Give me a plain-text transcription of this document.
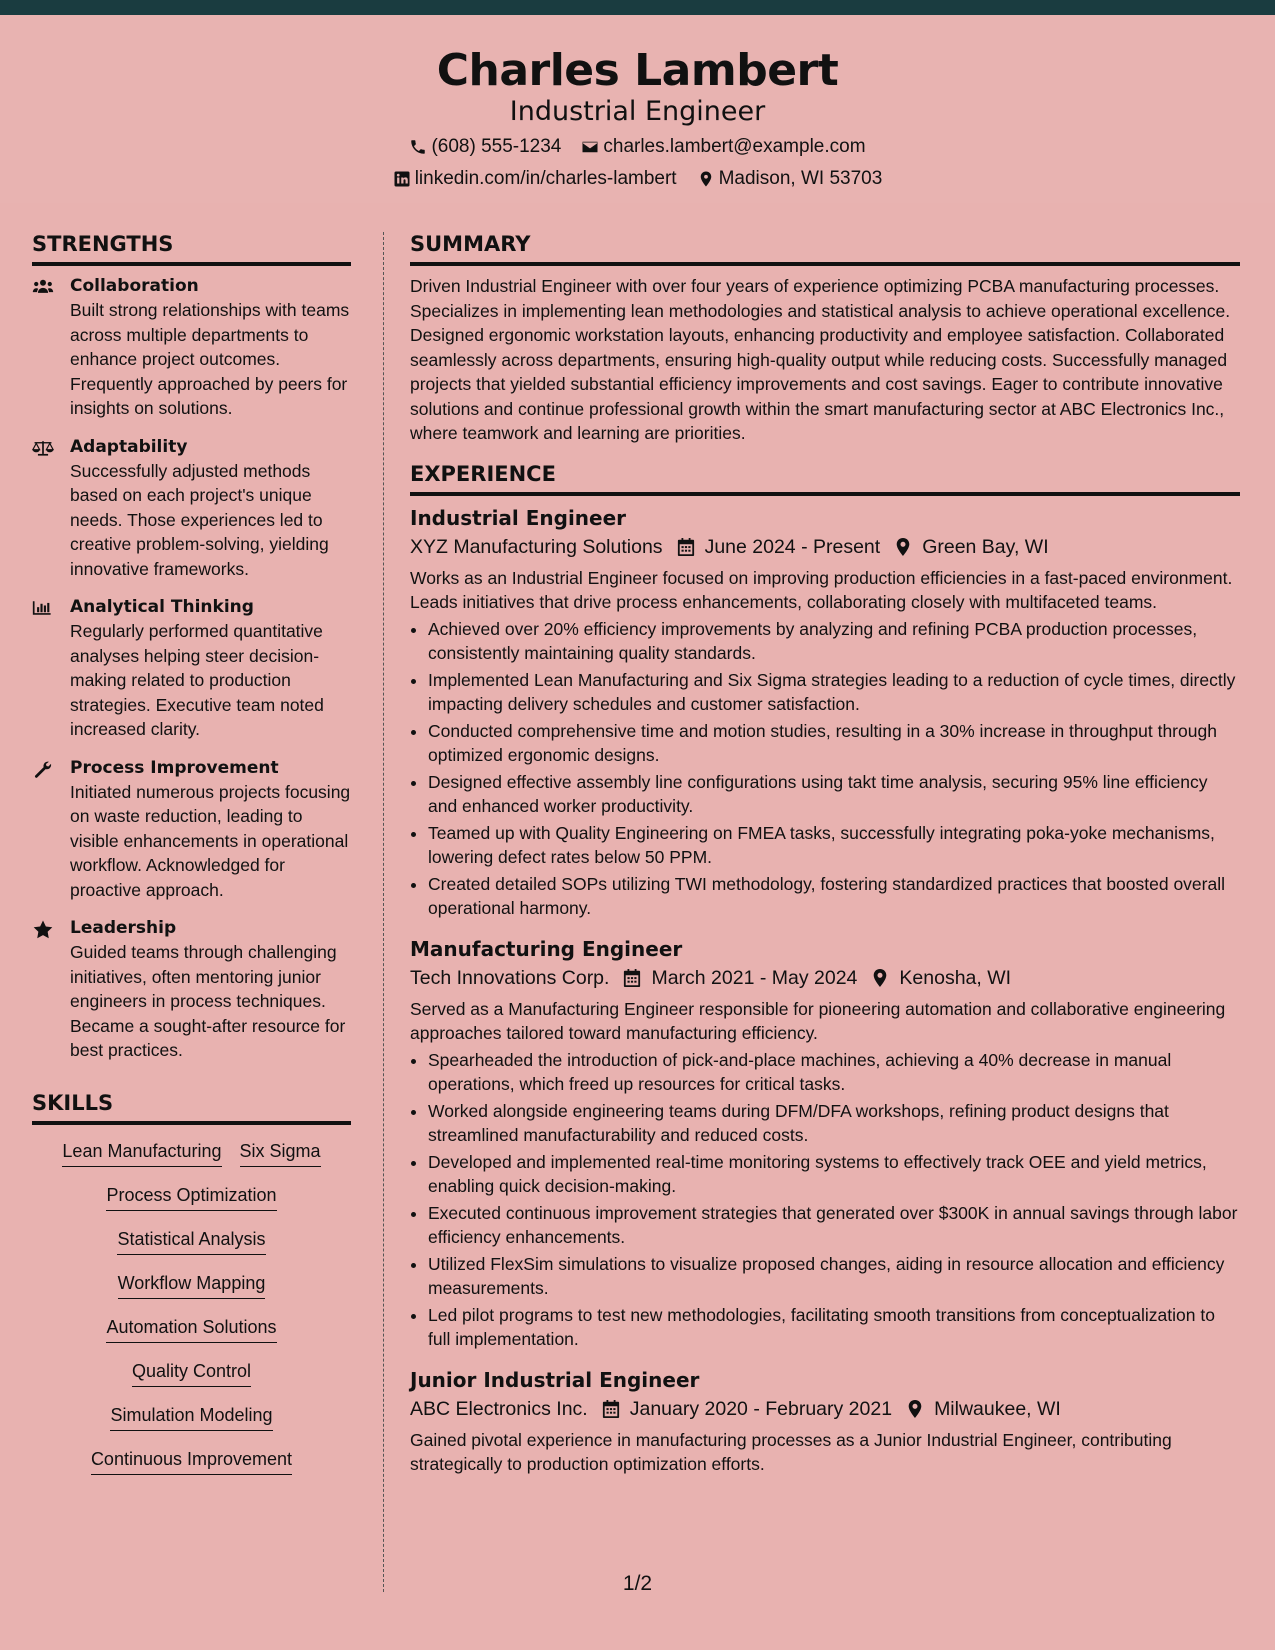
Charles Lambert
Industrial Engineer
(608) 555-1234 charles.lambert@example.com
linkedin.com/in/charles-lambert Madison, WI 53703
STRENGTHS
Collaboration
Built strong relationships with teams across multiple departments to enhance project outcomes. Frequently approached by peers for insights on solutions.
Adaptability
Successfully adjusted methods based on each project's unique needs. Those experiences led to creative problem-solving, yielding innovative frameworks.
Analytical Thinking
Regularly performed quantitative analyses helping steer decision-making related to production strategies. Executive team noted increased clarity.
Process Improvement
Initiated numerous projects focusing on waste reduction, leading to visible enhancements in operational workflow. Acknowledged for proactive approach.
Leadership
Guided teams through challenging initiatives, often mentoring junior engineers in process techniques. Became a sought-after resource for best practices.
SKILLS
Lean Manufacturing Six Sigma
Process Optimization
Statistical Analysis
Workflow Mapping
Automation Solutions
Quality Control
Simulation Modeling
Continuous Improvement
SUMMARY
Driven Industrial Engineer with over four years of experience optimizing PCBA manufacturing processes. Specializes in implementing lean methodologies and statistical analysis to achieve operational excellence. Designed ergonomic workstation layouts, enhancing productivity and employee satisfaction. Collaborated seamlessly across departments, ensuring high-quality output while reducing costs. Successfully managed projects that yielded substantial efficiency improvements and cost savings. Eager to contribute innovative solutions and continue professional growth within the smart manufacturing sector at ABC Electronics Inc., where teamwork and learning are priorities.
EXPERIENCE
Industrial Engineer
XYZ Manufacturing Solutions June 2024 - Present Green Bay, WI
Works as an Industrial Engineer focused on improving production efficiencies in a fast-paced environment. Leads initiatives that drive process enhancements, collaborating closely with multifaceted teams.
• Achieved over 20% efficiency improvements by analyzing and refining PCBA production processes, consistently maintaining quality standards.
• Implemented Lean Manufacturing and Six Sigma strategies leading to a reduction of cycle times, directly impacting delivery schedules and customer satisfaction.
• Conducted comprehensive time and motion studies, resulting in a 30% increase in throughput through optimized ergonomic designs.
• Designed effective assembly line configurations using takt time analysis, securing 95% line efficiency and enhanced worker productivity.
• Teamed up with Quality Engineering on FMEA tasks, successfully integrating poka-yoke mechanisms, lowering defect rates below 50 PPM.
• Created detailed SOPs utilizing TWI methodology, fostering standardized practices that boosted overall operational harmony.
Manufacturing Engineer
Tech Innovations Corp. March 2021 - May 2024 Kenosha, WI
Served as a Manufacturing Engineer responsible for pioneering automation and collaborative engineering approaches tailored toward manufacturing efficiency.
• Spearheaded the introduction of pick-and-place machines, achieving a 40% decrease in manual operations, which freed up resources for critical tasks.
• Worked alongside engineering teams during DFM/DFA workshops, refining product designs that streamlined manufacturability and reduced costs.
• Developed and implemented real-time monitoring systems to effectively track OEE and yield metrics, enabling quick decision-making.
• Executed continuous improvement strategies that generated over $300K in annual savings through labor efficiency enhancements.
• Utilized FlexSim simulations to visualize proposed changes, aiding in resource allocation and efficiency measurements.
• Led pilot programs to test new methodologies, facilitating smooth transitions from conceptualization to full implementation.
Junior Industrial Engineer
ABC Electronics Inc. January 2020 - February 2021 Milwaukee, WI
Gained pivotal experience in manufacturing processes as a Junior Industrial Engineer, contributing strategically to production optimization efforts.
1/2
